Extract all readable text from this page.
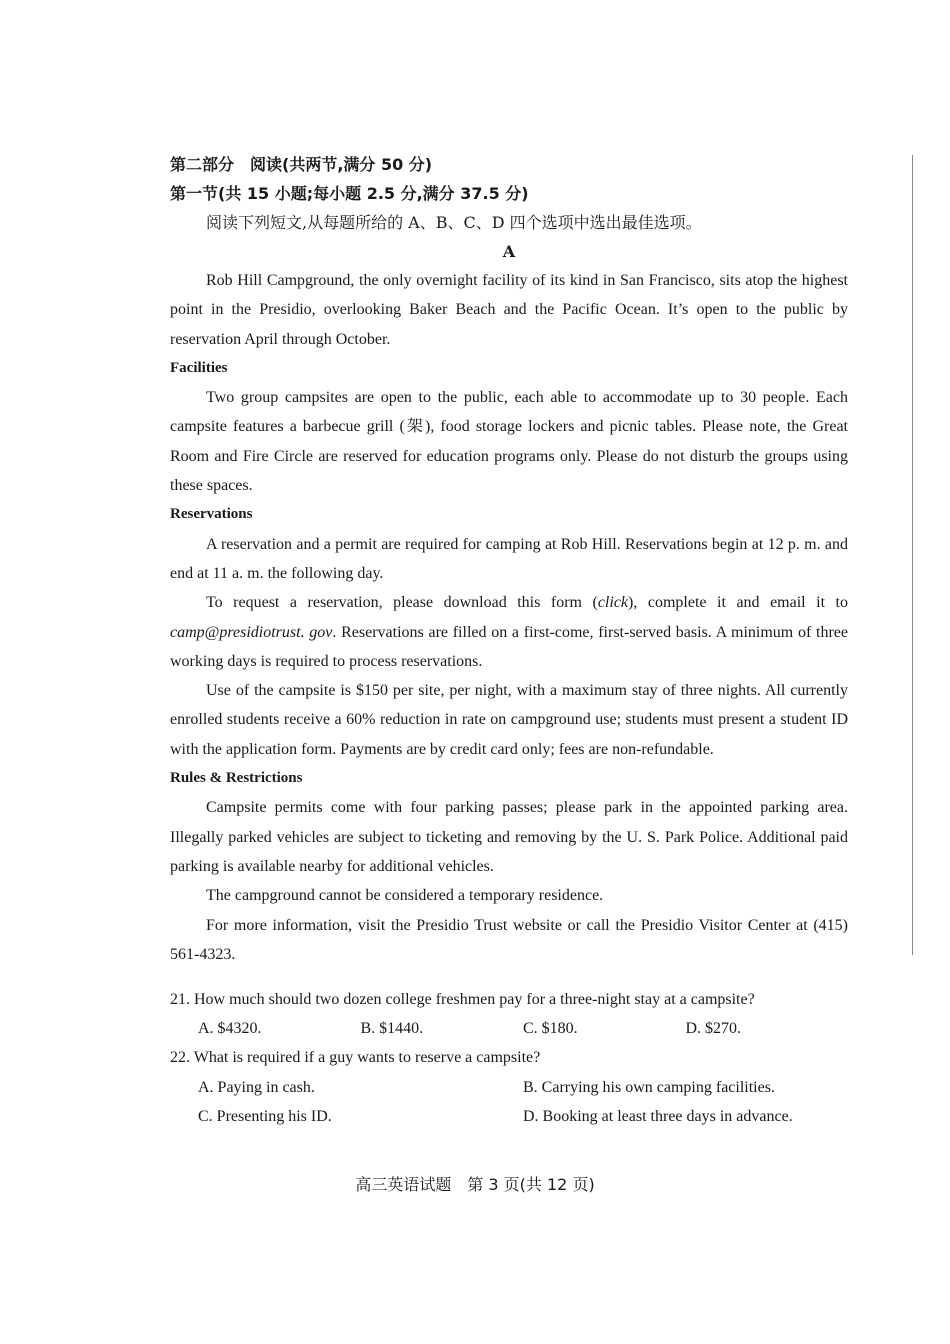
第二部分　阅读(共两节,满分 50 分)

第一节(共 15 小题;每小题 2.5 分,满分 37.5 分)

阅读下列短文,从每题所给的 A、B、C、D 四个选项中选出最佳选项。

A

Rob Hill Campground, the only overnight facility of its kind in San Francisco, sits atop the highest point in the Presidio, overlooking Baker Beach and the Pacific Ocean. It’s open to the public by reservation April through October.

Facilities

Two group campsites are open to the public, each able to accommodate up to 30 people. Each campsite features a barbecue grill (架), food storage lockers and picnic tables. Please note, the Great Room and Fire Circle are reserved for education programs only. Please do not disturb the groups using these spaces.

Reservations

A reservation and a permit are required for camping at Rob Hill. Reservations begin at 12 p. m. and end at 11 a. m. the following day.

To request a reservation, please download this form (click), complete it and email it to camp@presidiotrust. gov. Reservations are filled on a first-come, first-served basis. A minimum of three working days is required to process reservations.

Use of the campsite is $150 per site, per night, with a maximum stay of three nights. All currently enrolled students receive a 60% reduction in rate on campground use; students must present a student ID with the application form. Payments are by credit card only; fees are non-refundable.

Rules & Restrictions

Campsite permits come with four parking passes; please park in the appointed parking area. Illegally parked vehicles are subject to ticketing and removing by the U. S. Park Police. Additional paid parking is available nearby for additional vehicles.

The campground cannot be considered a temporary residence.

For more information, visit the Presidio Trust website or call the Presidio Visitor Center at (415) 561-4323.

21. How much should two dozen college freshmen pay for a three-night stay at a campsite?

A. $4320.	B. $1440.	C. $180.	D. $270.

22. What is required if a guy wants to reserve a campsite?

A. Paying in cash.	B. Carrying his own camping facilities.
C. Presenting his ID.	D. Booking at least three days in advance.
高三英语试题　第 3 页(共 12 页)
